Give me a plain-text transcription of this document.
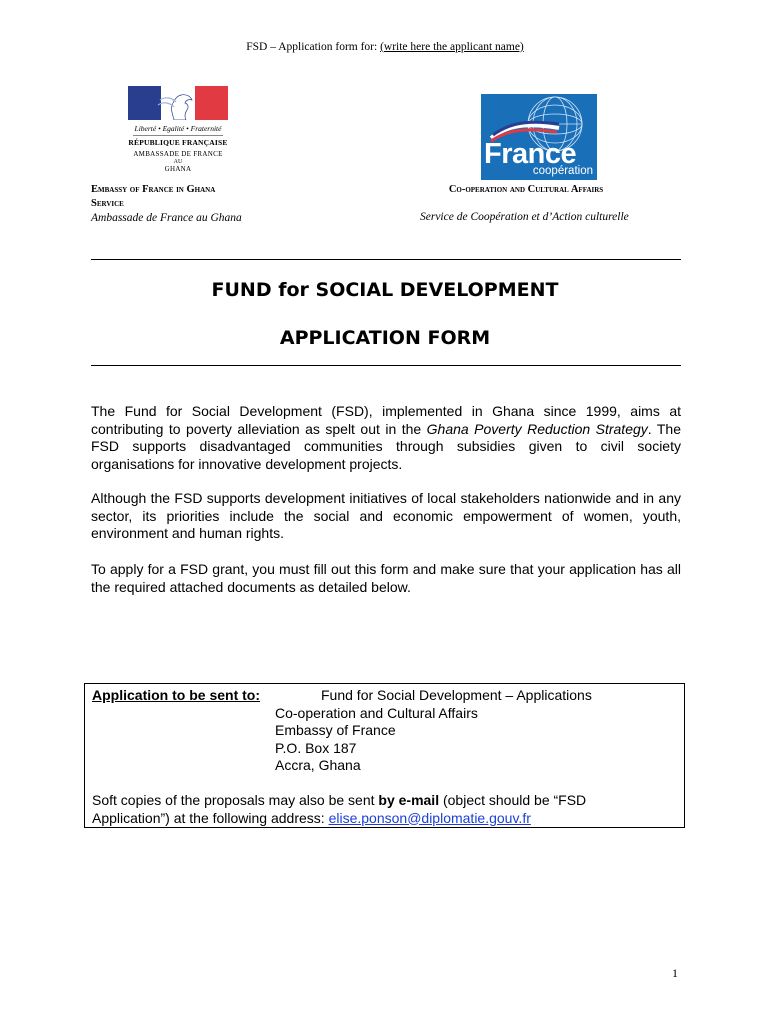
FSD – Application form for: (write here the applicant name)
Liberté • Egalité • Fraternité
RÉPUBLIQUE FRANÇAISE
AMBASSADE DE FRANCE
AU
GHANA	France
coopération
Embassy of France in Ghana
Service
Ambassade de France au Ghana
Co-operation and Cultural Affairs
Service de Coopération et d’Action culturelle
FUND for SOCIAL DEVELOPMENT
APPLICATION FORM
The Fund for Social Development (FSD), implemented in Ghana since 1999, aims at contributing to poverty alleviation as spelt out in the Ghana Poverty Reduction Strategy. The FSD supports disadvantaged communities through subsidies given to civil society organisations for innovative development projects.
Although the FSD supports development initiatives of local stakeholders nationwide and in any sector, its priorities include the social and economic empowerment of women, youth, environment and human rights.
To apply for a FSD grant, you must fill out this form and make sure that your application has all the required attached documents as detailed below.
Application to be sent to:	Fund for Social Development – Applications
Co-operation and Cultural Affairs
Embassy of France
P.O. Box 187
Accra, Ghana
Soft copies of the proposals may also be sent by e-mail (object should be “FSD
Application”) at the following address: elise.ponson@diplomatie.gouv.fr
1
